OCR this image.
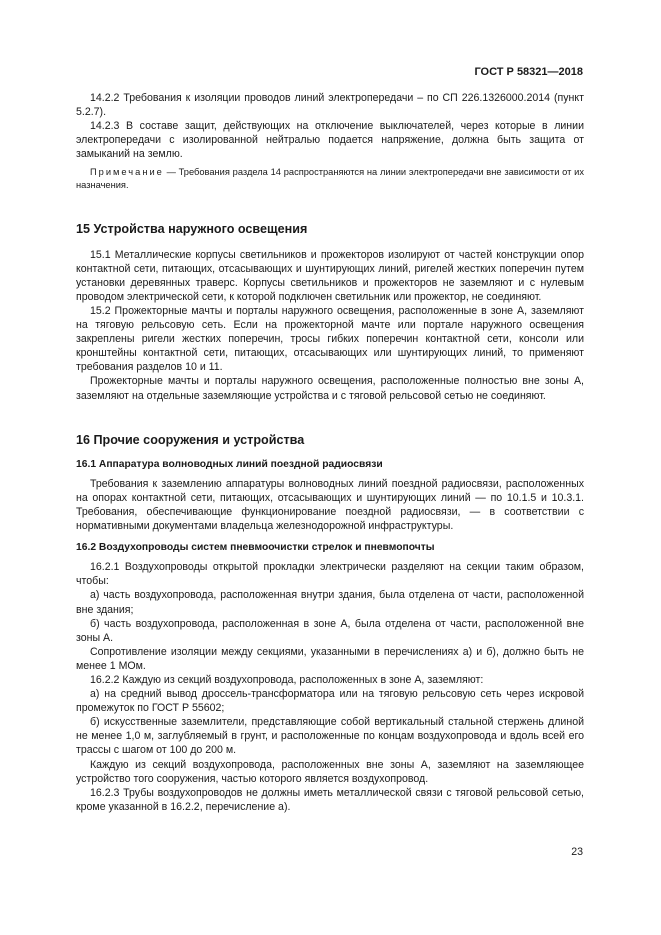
ГОСТ Р 58321—2018

14.2.2 Требования к изоляции проводов линий электропередачи – по СП 226.1326000.2014 (пункт 5.2.7).

14.2.3 В составе защит, действующих на отключение выключателей, через которые в линии электропередачи с изолированной нейтралью подается напряжение, должна быть защита от замыканий на землю.

Примечание — Требования раздела 14 распространяются на линии электропередачи вне зависимости от их назначения.

15 Устройства наружного освещения

15.1 Металлические корпусы светильников и прожекторов изолируют от частей конструкции опор контактной сети, питающих, отсасывающих и шунтирующих линий, ригелей жестких поперечин путем установки деревянных траверс. Корпусы светильников и прожекторов не заземляют и с нулевым проводом электрической сети, к которой подключен светильник или прожектор, не соединяют.

15.2 Прожекторные мачты и порталы наружного освещения, расположенные в зоне А, заземляют на тяговую рельсовую сеть. Если на прожекторной мачте или портале наружного освещения закреплены ригели жестких поперечин, тросы гибких поперечин контактной сети, консоли или кронштейны контактной сети, питающих, отсасывающих или шунтирующих линий, то применяют требования разделов 10 и 11.

Прожекторные мачты и порталы наружного освещения, расположенные полностью вне зоны А, заземляют на отдельные заземляющие устройства и с тяговой рельсовой сетью не соединяют.

16 Прочие сооружения и устройства
16.1 Аппаратура волноводных линий поездной радиосвязи

Требования к заземлению аппаратуры волноводных линий поездной радиосвязи, расположенных на опорах контактной сети, питающих, отсасывающих и шунтирующих линий — по 10.1.5 и 10.3.1. Требования, обеспечивающие функционирование поездной радиосвязи, — в соответствии с нормативными документами владельца железнодорожной инфраструктуры.

16.2 Воздухопроводы систем пневмоочистки стрелок и пневмопочты

16.2.1 Воздухопроводы открытой прокладки электрически разделяют на секции таким образом, чтобы:

а) часть воздухопровода, расположенная внутри здания, была отделена от части, расположенной вне здания;

б) часть воздухопровода, расположенная в зоне А, была отделена от части, расположенной вне зоны А.

Сопротивление изоляции между секциями, указанными в перечислениях а) и б), должно быть не менее 1 МОм.

16.2.2 Каждую из секций воздухопровода, расположенных в зоне А, заземляют:

а) на средний вывод дроссель-трансформатора или на тяговую рельсовую сеть через искровой промежуток по ГОСТ Р 55602;

б) искусственные заземлители, представляющие собой вертикальный стальной стержень длиной не менее 1,0 м, заглубляемый в грунт, и расположенные по концам воздухопровода и вдоль всей его трассы с шагом от 100 до 200 м.

Каждую из секций воздухопровода, расположенных вне зоны А, заземляют на заземляющее устройство того сооружения, частью которого является воздухопровод.

16.2.3 Трубы воздухопроводов не должны иметь металлической связи с тяговой рельсовой сетью, кроме указанной в 16.2.2, перечисление а).

23
